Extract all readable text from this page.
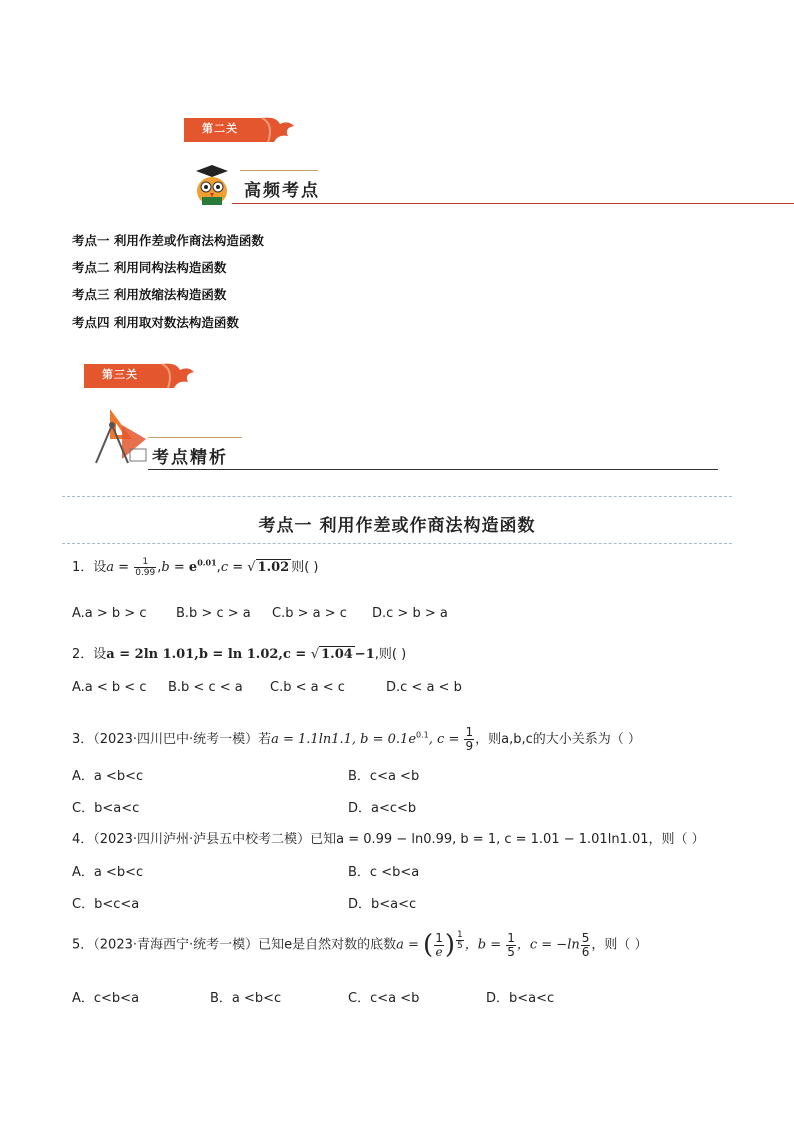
第二关
高频考点
考点一 利用作差或作商法构造函数
考点二 利用同构法构造函数
考点三 利用放缩法构造函数
考点四 利用取对数法构造函数
第三关
考点精析
考点一 利用作差或作商法构造函数
1．设$a = \frac{1}{0.99} ,b = e^{0.01},c$ = √ 1.02 则( )
A.a > b > c B.b > c > a C.b > a > c D.c > b > a
2．设a = 2ln 1.01,b = ln 1.02,c = √ 1.04 −1,则( )
A.a < b < c B.b < c < a C.b < a < c	D.c < a < b
3．（2023·四川巴中·统考一模）若a = 1.1ln1.1, $b = 0.1e^{0.1}$, $c = \frac{1}{9}$ ，则a,b,c的大小关系为（ ）
A．a <b<c	B．c<a <b
C．b<a<c	D．a<c<b
4．（2023·四川泸州·泸县五中校考二模）已知a = 0.99 − ln0.99, b = 1, c = 1.01 − 1.01ln1.01，则（ ）
A．a <b<c	B．c <b<a
C．b<c<a	D．b<a<c
5．（2023·青海西宁·统考一模）已知e是自然对数的底数a = ( $\frac{1}{e}$ ) $^{\frac{1}{5}}$ ，$b = \frac{1}{5}$ ，$c = -\ln \frac{5}{6}$ ，则（ ）
A．c<b<a	B．a <b<c	C．c<a <b	D．b<a<c
